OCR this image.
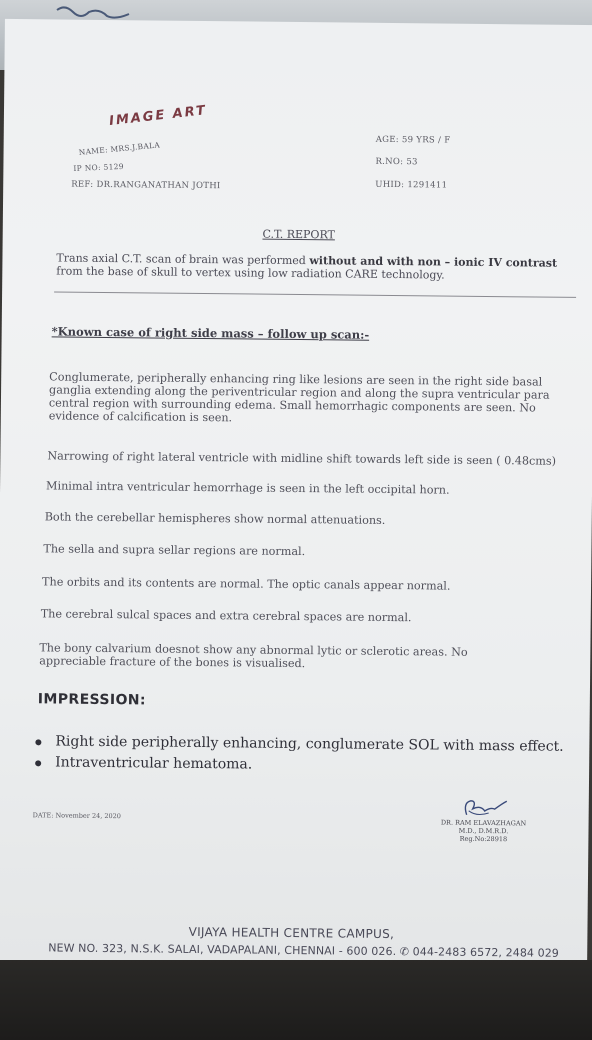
IMAGE ART
NAME: MRS.J.BALA
IP NO: 5129
REF: DR.RANGANATHAN JOTHI
AGE: 59 YRS / F
R.NO: 53
UHID: 1291411
C.T. REPORT
Trans axial C.T. scan of brain was performed without and with non – ionic IV contrast from the base of skull to vertex using low radiation CARE technology.
*Known case of right side mass – follow up scan:-
Conglumerate, peripherally enhancing ring like lesions are seen in the right side basal ganglia extending along the periventricular region and along the supra ventricular para central region with surrounding edema. Small hemorrhagic components are seen. No evidence of calcification is seen.
Narrowing of right lateral ventricle with midline shift towards left side is seen ( 0.48cms)
Minimal intra ventricular hemorrhage is seen in the left occipital horn.
Both the cerebellar hemispheres show normal attenuations.
The sella and supra sellar regions are normal.
The orbits and its contents are normal. The optic canals appear normal.
The cerebral sulcal spaces and extra cerebral spaces are normal.
The bony calvarium doesnot show any abnormal lytic or sclerotic areas. No appreciable fracture of the bones is visualised.
IMPRESSION:
Right side peripherally enhancing, conglumerate SOL with mass effect.
Intraventricular hematoma.
DATE: November 24, 2020
DR. RAM ELAVAZHAGAN
M.D., D.M.R.D.
Reg.No:28918
VIJAYA HEALTH CENTRE CAMPUS,
NEW NO. 323, N.S.K. SALAI, VADAPALANI, CHENNAI - 600 026. ✆ 044-2483 6572, 2484 029
